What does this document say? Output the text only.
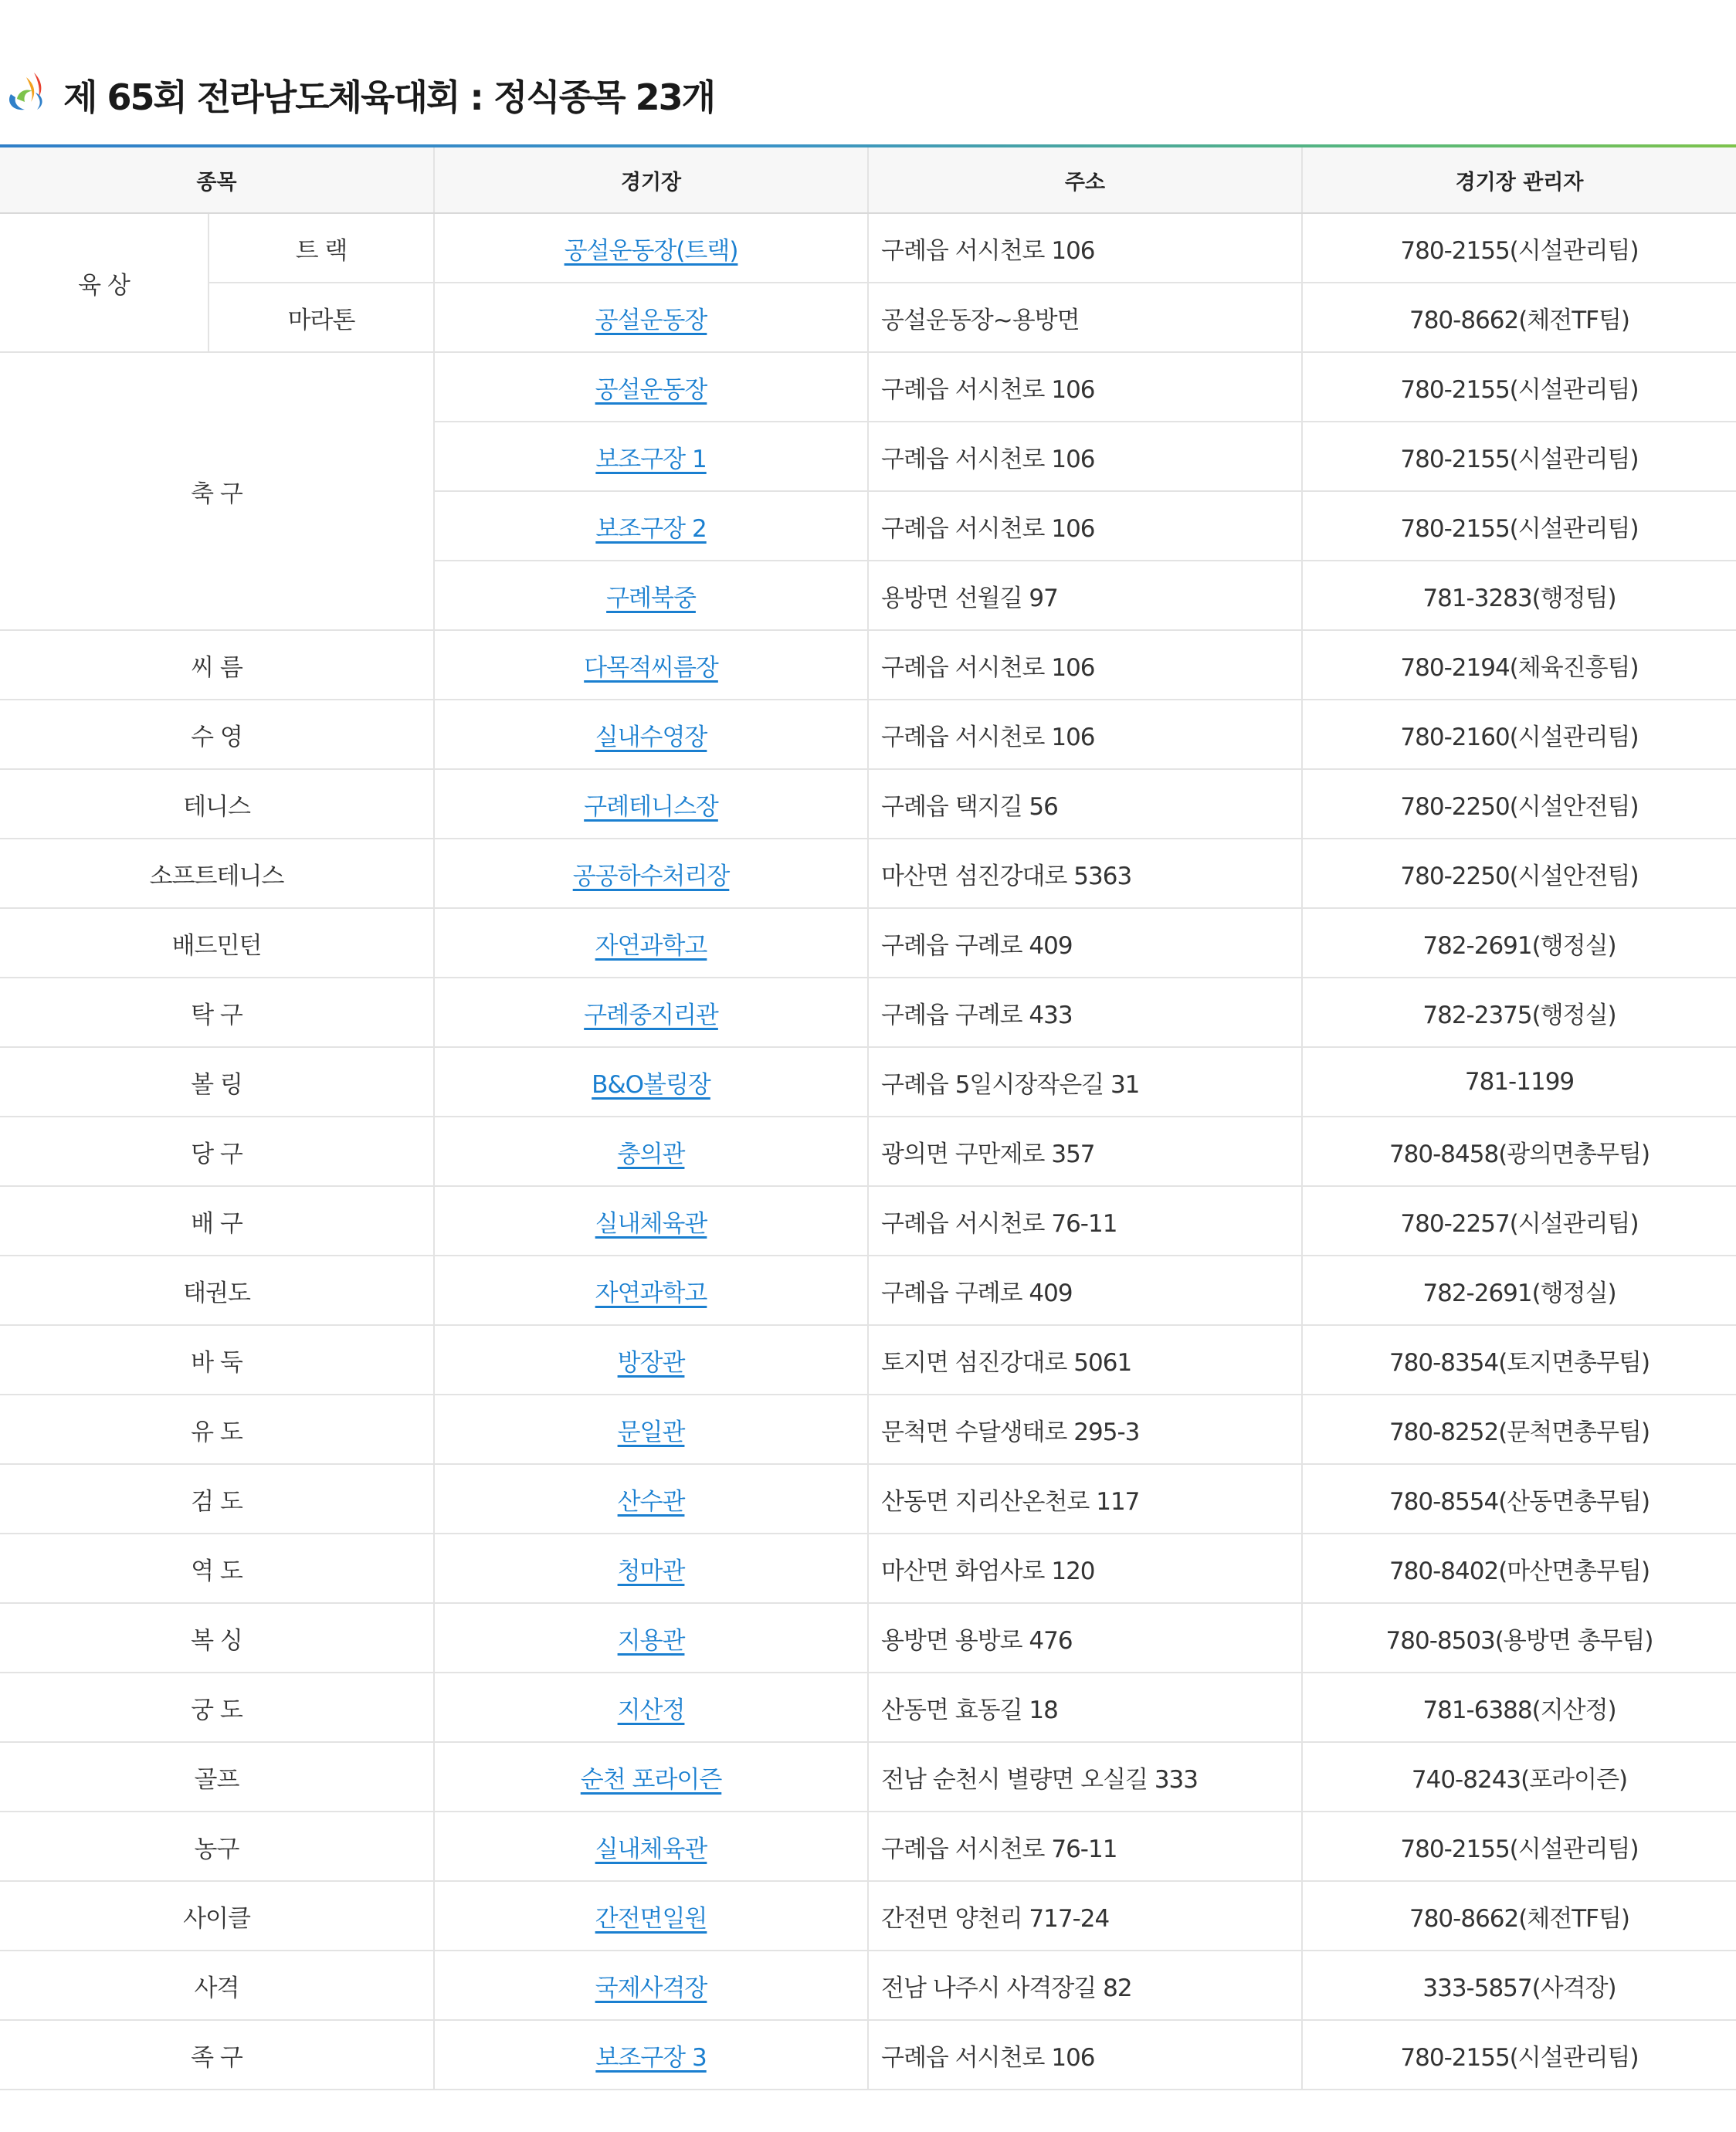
제 65회 전라남도체육대회 : 정식종목 23개
종목		경기장	주소	경기장 관리자
육 상	트 랙	공설운동장(트랙)	구례읍 서시천로 106	780-2155(시설관리팀)
	마라톤	공설운동장	공설운동장~용방면	780-8662(체전TF팀)
축 구		공설운동장	구례읍 서시천로 106	780-2155(시설관리팀)
		보조구장 1	구례읍 서시천로 106	780-2155(시설관리팀)
		보조구장 2	구례읍 서시천로 106	780-2155(시설관리팀)
		구례북중	용방면 선월길 97	781-3283(행정팀)
씨 름		다목적씨름장	구례읍 서시천로 106	780-2194(체육진흥팀)
수 영		실내수영장	구례읍 서시천로 106	780-2160(시설관리팀)
테니스		구례테니스장	구례읍 택지길 56	780-2250(시설안전팀)
소프트테니스		공공하수처리장	마산면 섬진강대로 5363	780-2250(시설안전팀)
배드민턴		자연과학고	구례읍 구례로 409	782-2691(행정실)
탁 구		구례중지리관	구례읍 구례로 433	782-2375(행정실)
볼 링		B&O볼링장	구례읍 5일시장작은길 31	781-1199
당 구		충의관	광의면 구만제로 357	780-8458(광의면총무팀)
배 구		실내체육관	구례읍 서시천로 76-11	780-2257(시설관리팀)
태권도		자연과학고	구례읍 구례로 409	782-2691(행정실)
바 둑		방장관	토지면 섬진강대로 5061	780-8354(토지면총무팀)
유 도		문일관	문척면 수달생태로 295-3	780-8252(문척면총무팀)
검 도		산수관	산동면 지리산온천로 117	780-8554(산동면총무팀)
역 도		청마관	마산면 화엄사로 120	780-8402(마산면총무팀)
복 싱		지용관	용방면 용방로 476	780-8503(용방면 총무팀)
궁 도		지산정	산동면 효동길 18	781-6388(지산정)
골프		순천 포라이즌	전남 순천시 별량면 오실길 333	740-8243(포라이즌)
농구		실내체육관	구례읍 서시천로 76-11	780-2155(시설관리팀)
사이클		간전면일원	간전면 양천리 717-24	780-8662(체전TF팀)
사격		국제사격장	전남 나주시 사격장길 82	333-5857(사격장)
족 구		보조구장 3	구례읍 서시천로 106	780-2155(시설관리팀)
